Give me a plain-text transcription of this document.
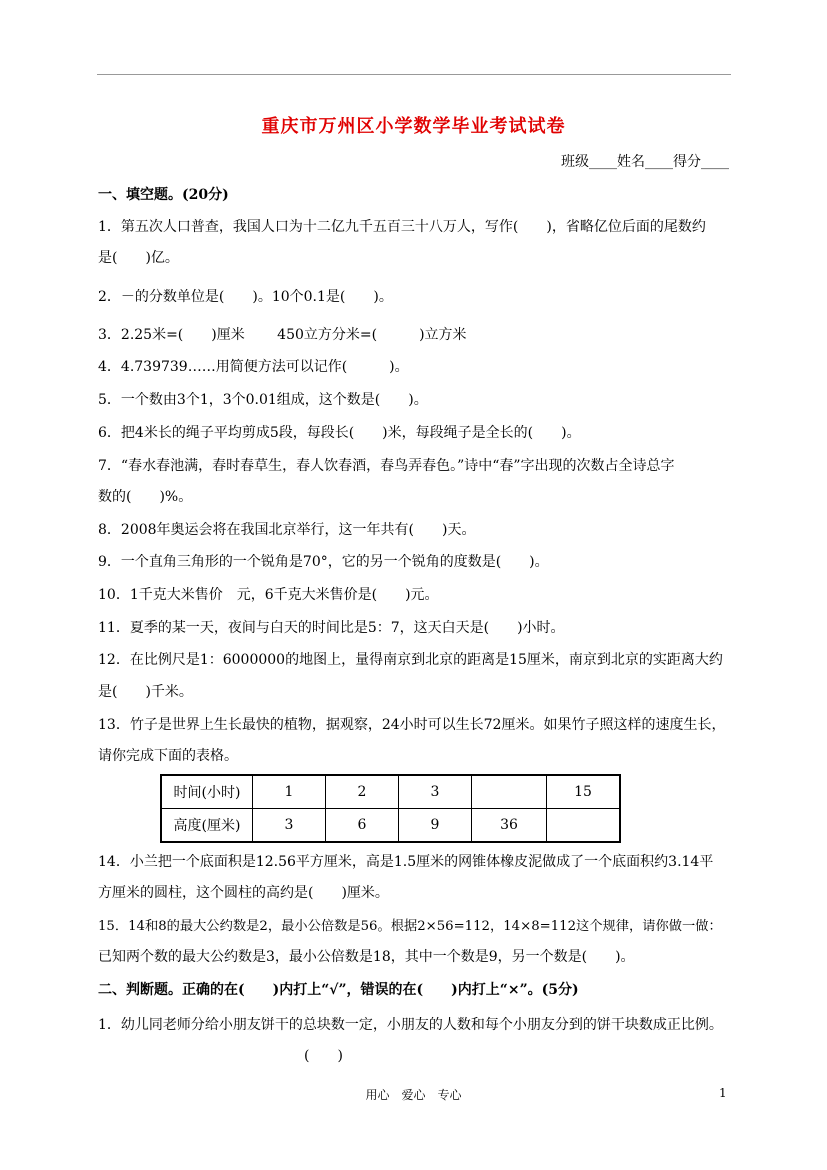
重庆市万州区小学数学毕业考试试卷
班级____姓名____得分____
一、填空题。(20分)
1．第五次人口普查，我国人口为十二亿九千五百三十八万人，写作(　　)，省略亿位后面的尾数约
是(　　)亿。
2．－的分数单位是(　　)。10个0.1是(　　)。
3．2.25米=(　　)厘米　　 450立方分米=(　　　)立方米
4．4.739739……用简便方法可以记作(　　　)。
5．一个数由3个1，3个0.01组成，这个数是(　　)。
6．把4米长的绳子平均剪成5段，每段长(　　)米，每段绳子是全长的(　　)。
7．“春水春池满，春时春草生，春人饮春酒，春鸟弄春色。”诗中“春”字出现的次数占全诗总字
数的(　　)%。
8．2008年奥运会将在我国北京举行，这一年共有(　　)天。
9．一个直角三角形的一个锐角是70°，它的另一个锐角的度数是(　　)。
10．1千克大米售价　元，6千克大米售价是(　　)元。
11．夏季的某一天，夜间与白天的时间比是5：7，这天白天是(　　)小时。
12．在比例尺是1：6000000的地图上，量得南京到北京的距离是15厘米，南京到北京的实距离大约
是(　　)千米。
13．竹子是世界上生长最快的植物，据观察，24小时可以生长72厘米。如果竹子照这样的速度生长，
请你完成下面的表格。
时间(小时)	1	2	3		15
高度(厘米)	3	6	9	36	
14．小兰把一个底面积是12.56平方厘米，高是1.5厘米的网锥体橡皮泥做成了一个底面积约3.14平
方厘米的圆柱，这个圆柱的高约是(　　)厘米。
15．14和8的最大公约数是2，最小公倍数是56。根据2×56=112，14×8=112这个规律，请你做一做：
已知两个数的最大公约数是3，最小公倍数是18，其中一个数是9，另一个数是(　　)。
二、判断题。正确的在(　　)内打上“√”，错误的在(　　)内打上“×”。(5分)
1．幼儿同老师分给小朋友饼干的总块数一定，小朋友的人数和每个小朋友分到的饼干块数成正比例。
(　　)
用心　爱心　专心	1
